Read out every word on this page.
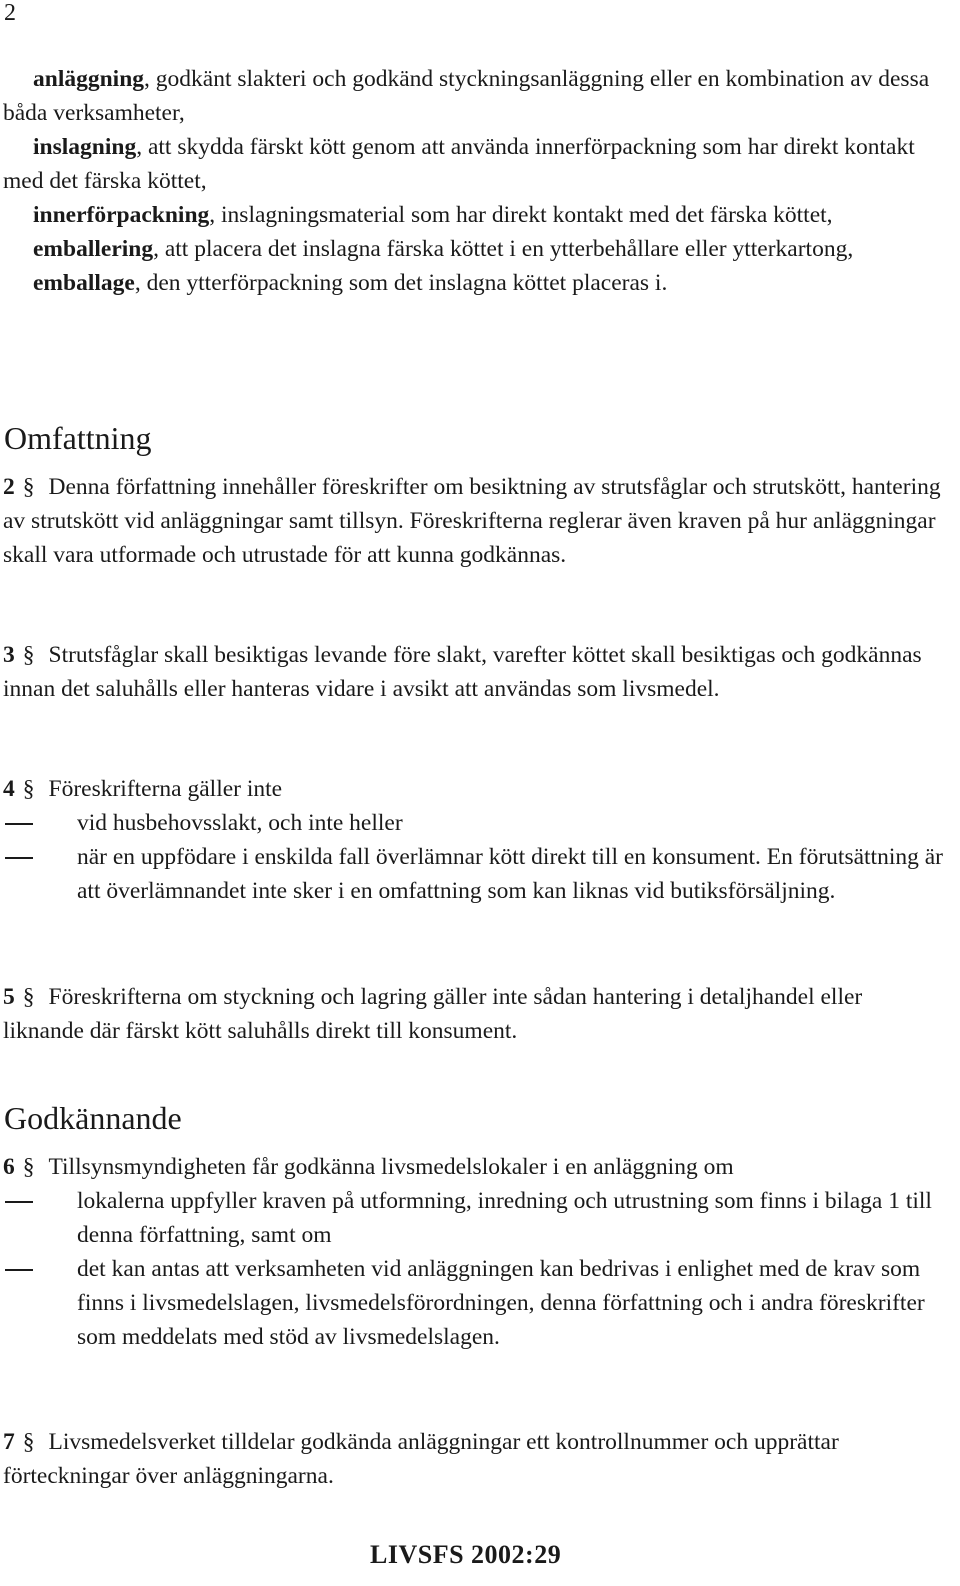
2

anläggning, godkänt slakteri och godkänd styckningsanläggning eller en kombination av dessa båda verksamheter,

inslagning, att skydda färskt kött genom att använda innerförpackning som har direkt kontakt med det färska köttet,

innerförpackning, inslagningsmaterial som har direkt kontakt med det färska köttet,

emballering, att placera det inslagna färska köttet i en ytterbehållare eller ytterkartong,

emballage, den ytterförpackning som det inslagna köttet placeras i.

Omfattning

2 § Denna författning innehåller föreskrifter om besiktning av strutsfåglar och strutskött, hantering av strutskött vid anläggningar samt tillsyn. Föreskrifterna reglerar även kraven på hur anläggningar skall vara utformade och utrustade för att kunna godkännas.

3 § Strutsfåglar skall besiktigas levande före slakt, varefter köttet skall besiktigas och godkännas innan det saluhålls eller hanteras vidare i avsikt att användas som livsmedel.

4 § Föreskrifterna gäller inte
vid husbehovsslakt, och inte heller
när en uppfödare i enskilda fall överlämnar kött direkt till en konsument. En förutsättning är att överlämnandet inte sker i en omfattning som kan liknas vid butiksförsäljning.

5 § Föreskrifterna om styckning och lagring gäller inte sådan hantering i detaljhandel eller liknande där färskt kött saluhålls direkt till konsument.

Godkännande
6 § Tillsynsmyndigheten får godkänna livsmedelslokaler i en anläggning om
lokalerna uppfyller kraven på utformning, inredning och utrustning som finns i bilaga 1 till denna författning, samt om
det kan antas att verksamheten vid anläggningen kan bedrivas i enlighet med de krav som finns i livsmedelslagen, livsmedelsförordningen, denna författning och i andra föreskrifter som meddelats med stöd av livsmedelslagen.

7 § Livsmedelsverket tilldelar godkända anläggningar ett kontrollnummer och upprättar förteckningar över anläggningarna.

LIVSFS 2002:29
